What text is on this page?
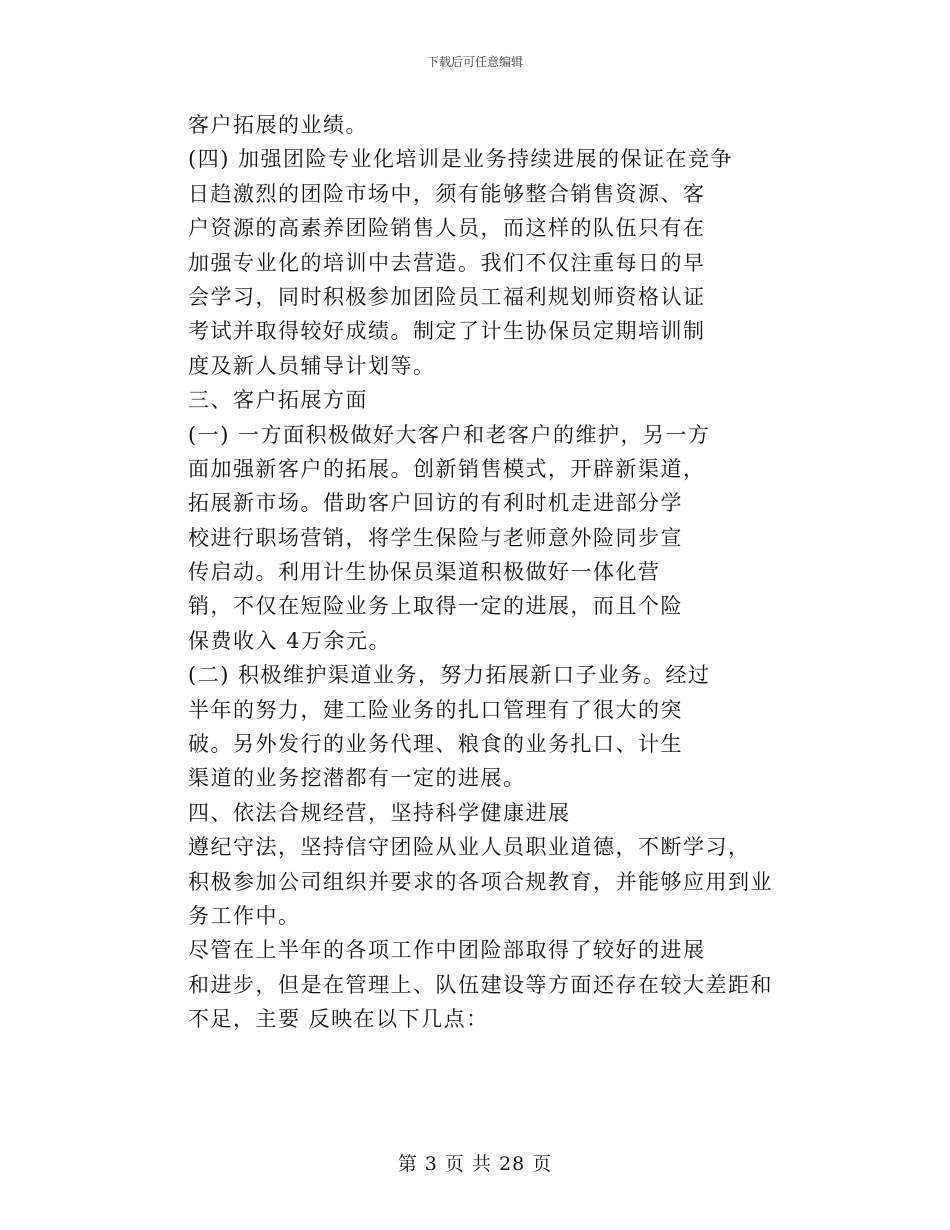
下载后可任意编辑
客户拓展的业绩。
(四) 加强团险专业化培训是业务持续进展的保证在竞争
日趋激烈的团险市场中，须有能够整合销售资源、客
户资源的高素养团险销售人员，而这样的队伍只有在
加强专业化的培训中去营造。我们不仅注重每日的早
会学习，同时积极参加团险员工福利规划师资格认证
考试并取得较好成绩。制定了计生协保员定期培训制
度及新人员辅导计划等。
三、客户拓展方面
(一) 一方面积极做好大客户和老客户的维护，另一方
面加强新客户的拓展。创新销售模式，开辟新渠道，
拓展新市场。借助客户回访的有利时机走进部分学
校进行职场营销，将学生保险与老师意外险同步宣
传启动。利用计生协保员渠道积极做好一体化营
销，不仅在短险业务上取得一定的进展，而且个险
保费收入 4万余元。
(二) 积极维护渠道业务，努力拓展新口子业务。经过
半年的努力，建工险业务的扎口管理有了很大的突
破。另外发行的业务代理、粮食的业务扎口、计生
渠道的业务挖潜都有一定的进展。
四、依法合规经营，坚持科学健康进展
遵纪守法，坚持信守团险从业人员职业道德，不断学习，
积极参加公司组织并要求的各项合规教育，并能够应用到业
务工作中。
尽管在上半年的各项工作中团险部取得了较好的进展
和进步，但是在管理上、队伍建设等方面还存在较大差距和
不足，主要 反映在以下几点：
第 3 页 共 28 页
